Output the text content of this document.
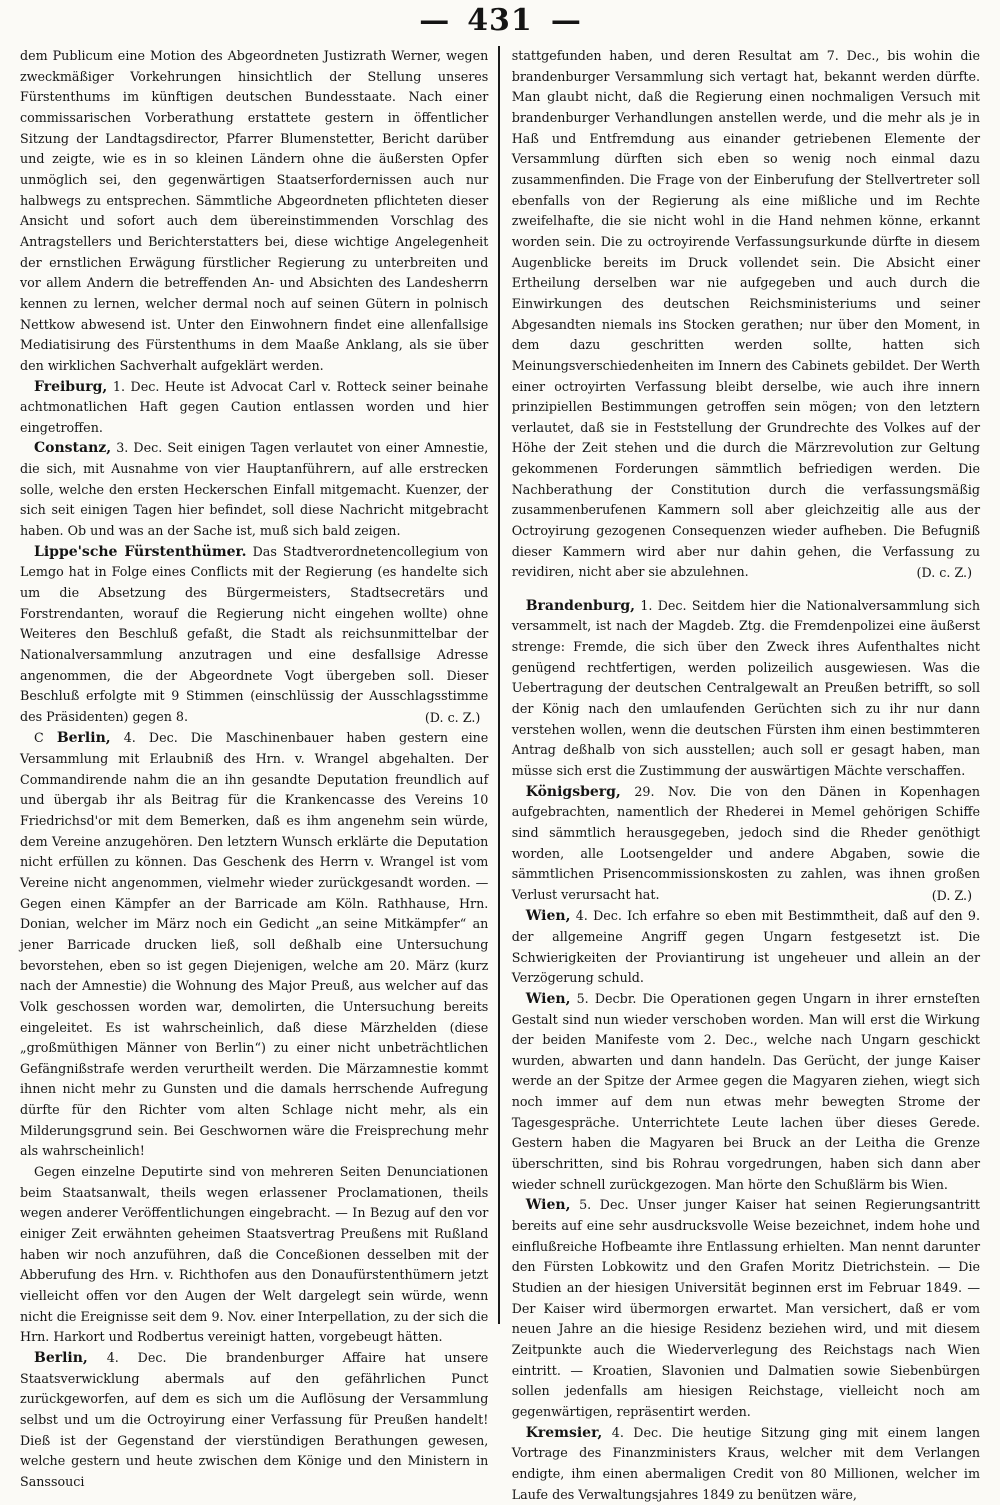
— 431 —

dem Publicum eine Motion des Abgeordneten Justizrath Werner, wegen zweckmäßiger Vorkehrungen hinsichtlich der Stellung unseres Fürstenthums im künftigen deutschen Bundesstaate. Nach einer commissarischen Vorberathung erstattete gestern in öffentlicher Sitzung der Landtagsdirector, Pfarrer Blumenstetter, Bericht darüber und zeigte, wie es in so kleinen Ländern ohne die äußersten Opfer unmöglich sei, den gegenwärtigen Staatserfordernissen auch nur halbwegs zu entsprechen. Sämmtliche Abgeordneten pflichteten dieser Ansicht und sofort auch dem übereinstimmenden Vorschlag des Antragstellers und Berichterstatters bei, diese wichtige Angelegenheit der ernstlichen Erwägung fürstlicher Regierung zu unterbreiten und vor allem Andern die betreffenden An- und Absichten des Landesherrn kennen zu lernen, welcher dermal noch auf seinen Gütern in polnisch Nettkow abwesend ist. Unter den Einwohnern findet eine allenfallsige Mediatisirung des Fürstenthums in dem Maaße Anklang, als sie über den wirklichen Sachverhalt aufgeklärt werden.

Freiburg, 1. Dec. Heute ist Advocat Carl v. Rotteck seiner beinahe achtmonatlichen Haft gegen Caution entlassen worden und hier eingetroffen.

Constanz, 3. Dec. Seit einigen Tagen verlautet von einer Amnestie, die sich, mit Ausnahme von vier Hauptanführern, auf alle erstrecken solle, welche den ersten Heckerschen Einfall mitgemacht. Kuenzer, der sich seit einigen Tagen hier befindet, soll diese Nachricht mitgebracht haben. Ob und was an der Sache ist, muß sich bald zeigen.

Lippe'sche Fürstenthümer. Das Stadtverordnetencollegium von Lemgo hat in Folge eines Conflicts mit der Regierung (es handelte sich um die Absetzung des Bürgermeisters, Stadtsecretärs und Forstrendanten, worauf die Regierung nicht eingehen wollte) ohne Weiteres den Beschluß gefaßt, die Stadt als reichsunmittelbar der Nationalversammlung anzutragen und eine desfallsige Adresse angenommen, die der Abgeordnete Vogt übergeben soll. Dieser Beschluß erfolgte mit 9 Stimmen (einschlüssig der Ausschlagsstimme des Präsidenten) gegen 8.	(D. c. Z.)

C Berlin, 4. Dec. Die Maschinenbauer haben gestern eine Versammlung mit Erlaubniß des Hrn. v. Wrangel abgehalten. Der Commandirende nahm die an ihn gesandte Deputation freundlich auf und übergab ihr als Beitrag für die Krankencasse des Vereins 10 Friedrichsd'or mit dem Bemerken, daß es ihm angenehm sein würde, dem Vereine anzugehören. Den letztern Wunsch erklärte die Deputation nicht erfüllen zu können. Das Geschenk des Herrn v. Wrangel ist vom Vereine nicht angenommen, vielmehr wieder zurückgesandt worden. — Gegen einen Kämpfer an der Barricade am Köln. Rathhause, Hrn. Donian, welcher im März noch ein Gedicht „an seine Mitkämpfer“ an jener Barricade drucken ließ, soll deßhalb eine Untersuchung bevorstehen, eben so ist gegen Diejenigen, welche am 20. März (kurz nach der Amnestie) die Wohnung des Major Preuß, aus welcher auf das Volk geschossen worden war, demolirten, die Untersuchung bereits eingeleitet. Es ist wahrscheinlich, daß diese Märzhelden (diese „großmüthigen Männer von Berlin“) zu einer nicht unbeträchtlichen Gefängnißstrafe werden verurtheilt werden. Die Märzamnestie kommt ihnen nicht mehr zu Gunsten und die damals herrschende Aufregung dürfte für den Richter vom alten Schlage nicht mehr, als ein Milderungsgrund sein. Bei Geschwornen wäre die Freisprechung mehr als wahrscheinlich!

Gegen einzelne Deputirte sind von mehreren Seiten Denunciationen beim Staatsanwalt, theils wegen erlassener Proclamationen, theils wegen anderer Veröffentlichungen eingebracht. — In Bezug auf den vor einiger Zeit erwähnten geheimen Staatsvertrag Preußens mit Rußland haben wir noch anzuführen, daß die Conceßionen desselben mit der Abberufung des Hrn. v. Richthofen aus den Donaufürstenthümern jetzt vielleicht offen vor den Augen der Welt dargelegt sein würde, wenn nicht die Ereignisse seit dem 9. Nov. einer Interpellation, zu der sich die Hrn. Harkort und Rodbertus vereinigt hatten, vorgebeugt hätten.

Berlin, 4. Dec. Die brandenburger Affaire hat unsere Staatsverwicklung abermals auf den gefährlichen Punct zurückgeworfen, auf dem es sich um die Auflösung der Versammlung selbst und um die Octroyirung einer Verfassung für Preußen handelt! Dieß ist der Gegenstand der vierstündigen Berathungen gewesen, welche gestern und heute zwischen dem Könige und den Ministern in Sanssouci

stattgefunden haben, und deren Resultat am 7. Dec., bis wohin die brandenburger Versammlung sich vertagt hat, bekannt werden dürfte. Man glaubt nicht, daß die Regierung einen nochmaligen Versuch mit brandenburger Verhandlungen anstellen werde, und die mehr als je in Haß und Entfremdung aus einander getriebenen Elemente der Versammlung dürften sich eben so wenig noch einmal dazu zusammenfinden. Die Frage von der Einberufung der Stellvertreter soll ebenfalls von der Regierung als eine mißliche und im Rechte zweifelhafte, die sie nicht wohl in die Hand nehmen könne, erkannt worden sein. Die zu octroyirende Verfassungsurkunde dürfte in diesem Augenblicke bereits im Druck vollendet sein. Die Absicht einer Ertheilung derselben war nie aufgegeben und auch durch die Einwirkungen des deutschen Reichsministeriums und seiner Abgesandten niemals ins Stocken gerathen; nur über den Moment, in dem dazu geschritten werden sollte, hatten sich Meinungsverschiedenheiten im Innern des Cabinets gebildet. Der Werth einer octroyirten Verfassung bleibt derselbe, wie auch ihre innern prinzipiellen Bestimmungen getroffen sein mögen; von den letztern verlautet, daß sie in Feststellung der Grundrechte des Volkes auf der Höhe der Zeit stehen und die durch die Märzrevolution zur Geltung gekommenen Forderungen sämmtlich befriedigen werden. Die Nachberathung der Constitution durch die verfassungsmäßig zusammenberufenen Kammern soll aber gleichzeitig alle aus der Octroyirung gezogenen Consequenzen wieder aufheben. Die Befugniß dieser Kammern wird aber nur dahin gehen, die Verfassung zu revidiren, nicht aber sie abzulehnen.	(D. c. Z.)

Brandenburg, 1. Dec. Seitdem hier die Nationalversammlung sich versammelt, ist nach der Magdeb. Ztg. die Fremdenpolizei eine äußerst strenge: Fremde, die sich über den Zweck ihres Aufenthaltes nicht genügend rechtfertigen, werden polizeilich ausgewiesen. Was die Uebertragung der deutschen Centralgewalt an Preußen betrifft, so soll der König nach den umlaufenden Gerüchten sich zu ihr nur dann verstehen wollen, wenn die deutschen Fürsten ihm einen bestimmteren Antrag deßhalb von sich ausstellen; auch soll er gesagt haben, man müsse sich erst die Zustimmung der auswärtigen Mächte verschaffen.

Königsberg, 29. Nov. Die von den Dänen in Kopenhagen aufgebrachten, namentlich der Rhederei in Memel gehörigen Schiffe sind sämmtlich herausgegeben, jedoch sind die Rheder genöthigt worden, alle Lootsengelder und andere Abgaben, sowie die sämmtlichen Prisencommissionskosten zu zahlen, was ihnen großen Verlust verursacht hat.	(D. Z.)

Wien, 4. Dec. Ich erfahre so eben mit Bestimmtheit, daß auf den 9. der allgemeine Angriff gegen Ungarn festgesetzt ist. Die Schwierigkeiten der Proviantirung ist ungeheuer und allein an der Verzögerung schuld.

Wien, 5. Decbr. Die Operationen gegen Ungarn in ihrer ernsteſten Gestalt sind nun wieder verschoben worden. Man will erst die Wirkung der beiden Manifeste vom 2. Dec., welche nach Ungarn geschickt wurden, abwarten und dann handeln. Das Gerücht, der junge Kaiser werde an der Spitze der Armee gegen die Magyaren ziehen, wiegt sich noch immer auf dem nun etwas mehr bewegten Strome der Tagesgespräche. Unterrichtete Leute lachen über dieses Gerede. Gestern haben die Magyaren bei Bruck an der Leitha die Grenze überschritten, sind bis Rohrau vorgedrungen, haben sich dann aber wieder schnell zurückgezogen. Man hörte den Schußlärm bis Wien.

Wien, 5. Dec. Unser junger Kaiser hat seinen Regierungsantritt bereits auf eine sehr ausdrucksvolle Weise bezeichnet, indem hohe und einflußreiche Hofbeamte ihre Entlassung erhielten. Man nennt darunter den Fürsten Lobkowitz und den Grafen Moritz Dietrichstein. — Die Studien an der hiesigen Universität beginnen erst im Februar 1849. — Der Kaiser wird übermorgen erwartet. Man versichert, daß er vom neuen Jahre an die hiesige Residenz beziehen wird, und mit diesem Zeitpunkte auch die Wiederverlegung des Reichstags nach Wien eintritt. — Kroatien, Slavonien und Dalmatien sowie Siebenbürgen sollen jedenfalls am hiesigen Reichstage, vielleicht noch am gegenwärtigen, repräsentirt werden.

Kremsier, 4. Dec. Die heutige Sitzung ging mit einem langen Vortrage des Finanzministers Kraus, welcher mit dem Verlangen endigte, ihm einen abermaligen Credit von 80 Millionen, welcher im Laufe des Verwaltungsjahres 1849 zu benützen wäre,
